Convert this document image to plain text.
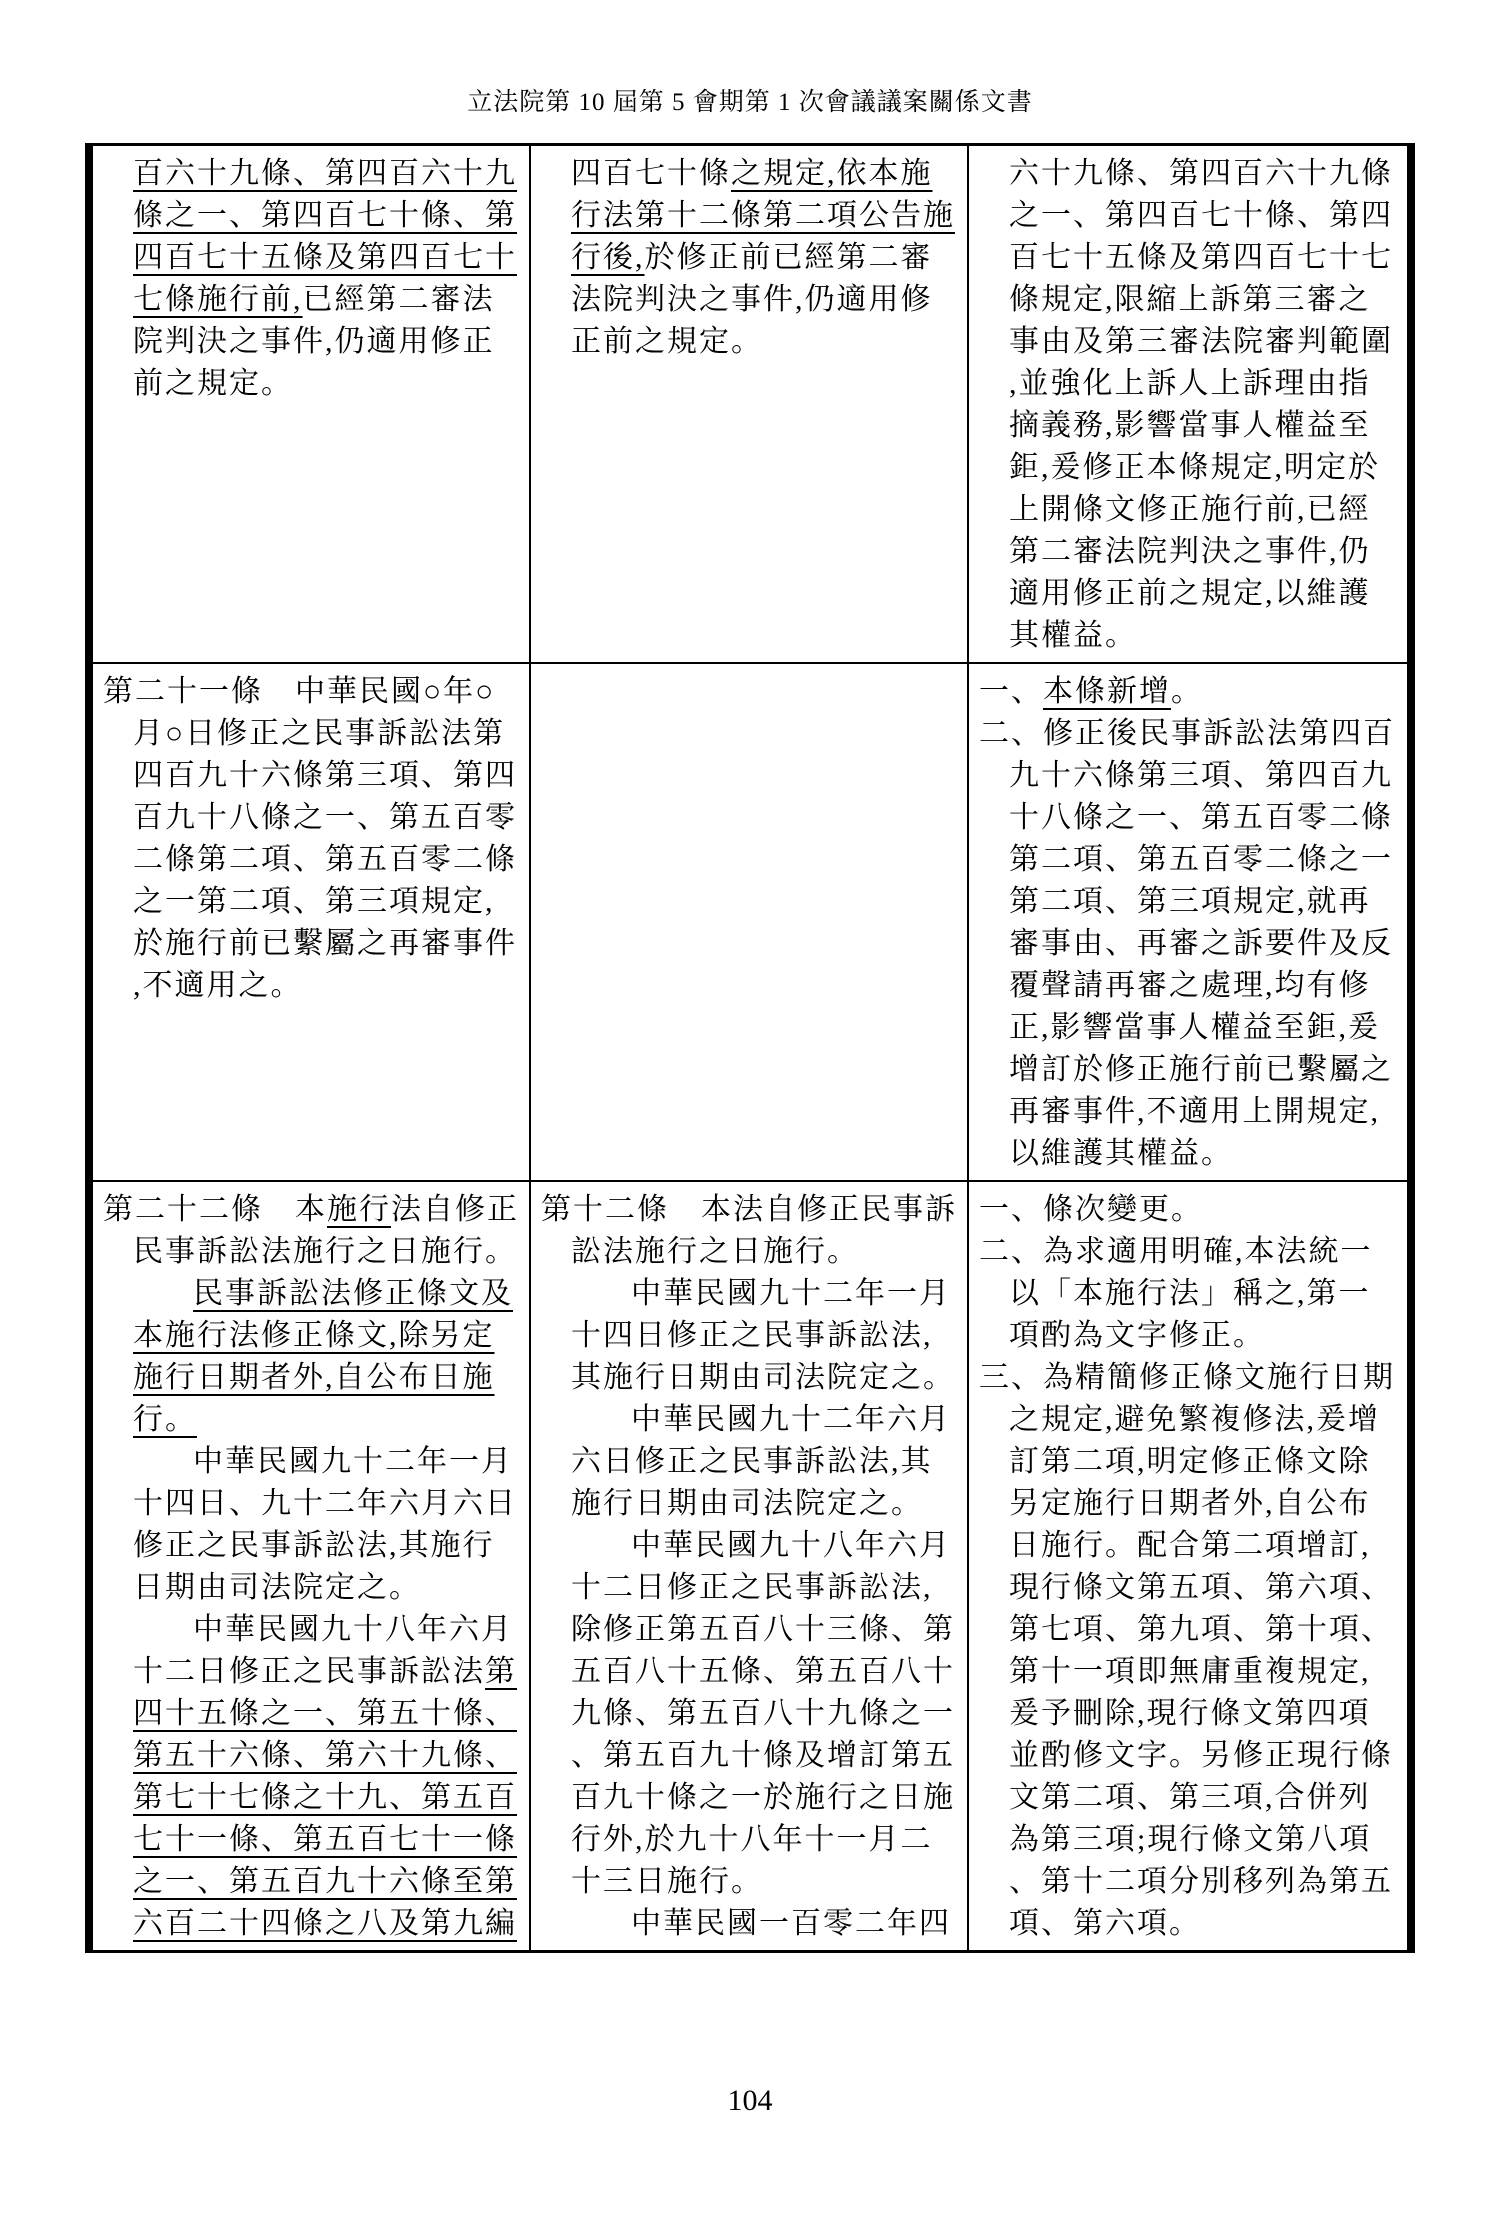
立法院第 10 屆第 5 會期第 1 次會議議案關係文書

百六十九條、第四百六十九條之一、第四百七十條、第四百七十五條及第四百七十七條施行前,已經第二審法院判決之事件,仍適用修正前之規定。

四百七十條之規定,依本施行法第十二條第二項公告施行後,於修正前已經第二審法院判決之事件,仍適用修正前之規定。

六十九條、第四百六十九條之一、第四百七十條、第四百七十五條及第四百七十七條規定,限縮上訴第三審之事由及第三審法院審判範圍,並強化上訴人上訴理由指摘義務,影響當事人權益至鉅,爰修正本條規定,明定於上開條文修正施行前,已經第二審法院判決之事件,仍適用修正前之規定,以維護其權益。

第二十一條　中華民國○年○月○日修正之民事訴訟法第四百九十六條第三項、第四百九十八條之一、第五百零二條第二項、第五百零二條之一第二項、第三項規定,於施行前已繫屬之再審事件,不適用之。

一、本條新增。

二、修正後民事訴訟法第四百九十六條第三項、第四百九十八條之一、第五百零二條第二項、第五百零二條之一第二項、第三項規定,就再審事由、再審之訴要件及反覆聲請再審之處理,均有修正,影響當事人權益至鉅,爰增訂於修正施行前已繫屬之再審事件,不適用上開規定,以維護其權益。

第二十二條　本施行法自修正民事訴訟法施行之日施行。

民事訴訟法修正條文及本施行法修正條文,除另定施行日期者外,自公布日施行。

中華民國九十二年一月十四日、九十二年六月六日修正之民事訴訟法,其施行日期由司法院定之。

中華民國九十八年六月十二日修正之民事訴訟法第四十五條之一、第五十條、第五十六條、第六十九條、第七十七條之十九、第五百七十一條、第五百七十一條之一、第五百九十六條至第六百二十四條之八及第九編

第十二條　本法自修正民事訴訟法施行之日施行。

中華民國九十二年一月十四日修正之民事訴訟法,其施行日期由司法院定之。

中華民國九十二年六月六日修正之民事訴訟法,其施行日期由司法院定之。

中華民國九十八年六月十二日修正之民事訴訟法,除修正第五百八十三條、第五百八十五條、第五百八十九條、第五百八十九條之一、第五百九十條及增訂第五百九十條之一於施行之日施行外,於九十八年十一月二十三日施行。

中華民國一百零二年四

一、條次變更。

二、為求適用明確,本法統一以「本施行法」稱之,第一項酌為文字修正。

三、為精簡修正條文施行日期之規定,避免繁複修法,爰增訂第二項,明定修正條文除另定施行日期者外,自公布日施行。配合第二項增訂,現行條文第五項、第六項、第七項、第九項、第十項、第十一項即無庸重複規定,爰予刪除,現行條文第四項並酌修文字。另修正現行條文第二項、第三項,合併列為第三項;現行條文第八項、第十二項分別移列為第五項、第六項。

104
